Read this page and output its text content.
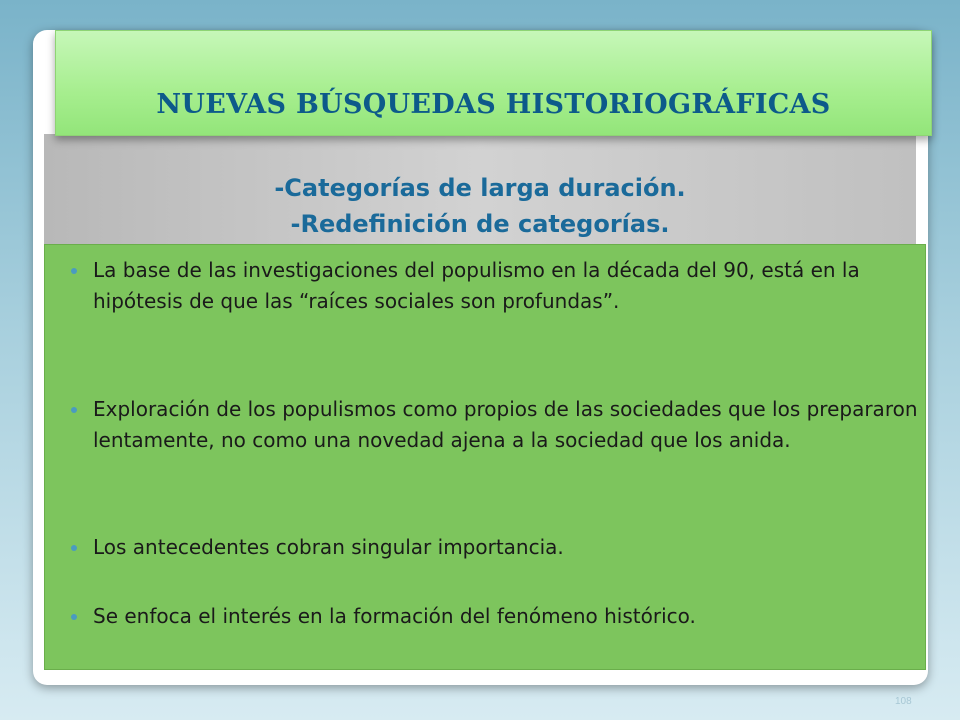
NUEVAS BÚSQUEDAS HISTORIOGRÁFICAS
-Categorías de larga duración.
-Redefinición de categorías.
La base de las investigaciones del populismo en la década del 90, está en la hipótesis de que las “raíces sociales son profundas”.
Exploración de los populismos como propios de las sociedades que los prepararon lentamente, no como una novedad ajena a la sociedad que los anida.
Los antecedentes cobran singular importancia.
Se enfoca el interés en la formación del fenómeno histórico.
108
